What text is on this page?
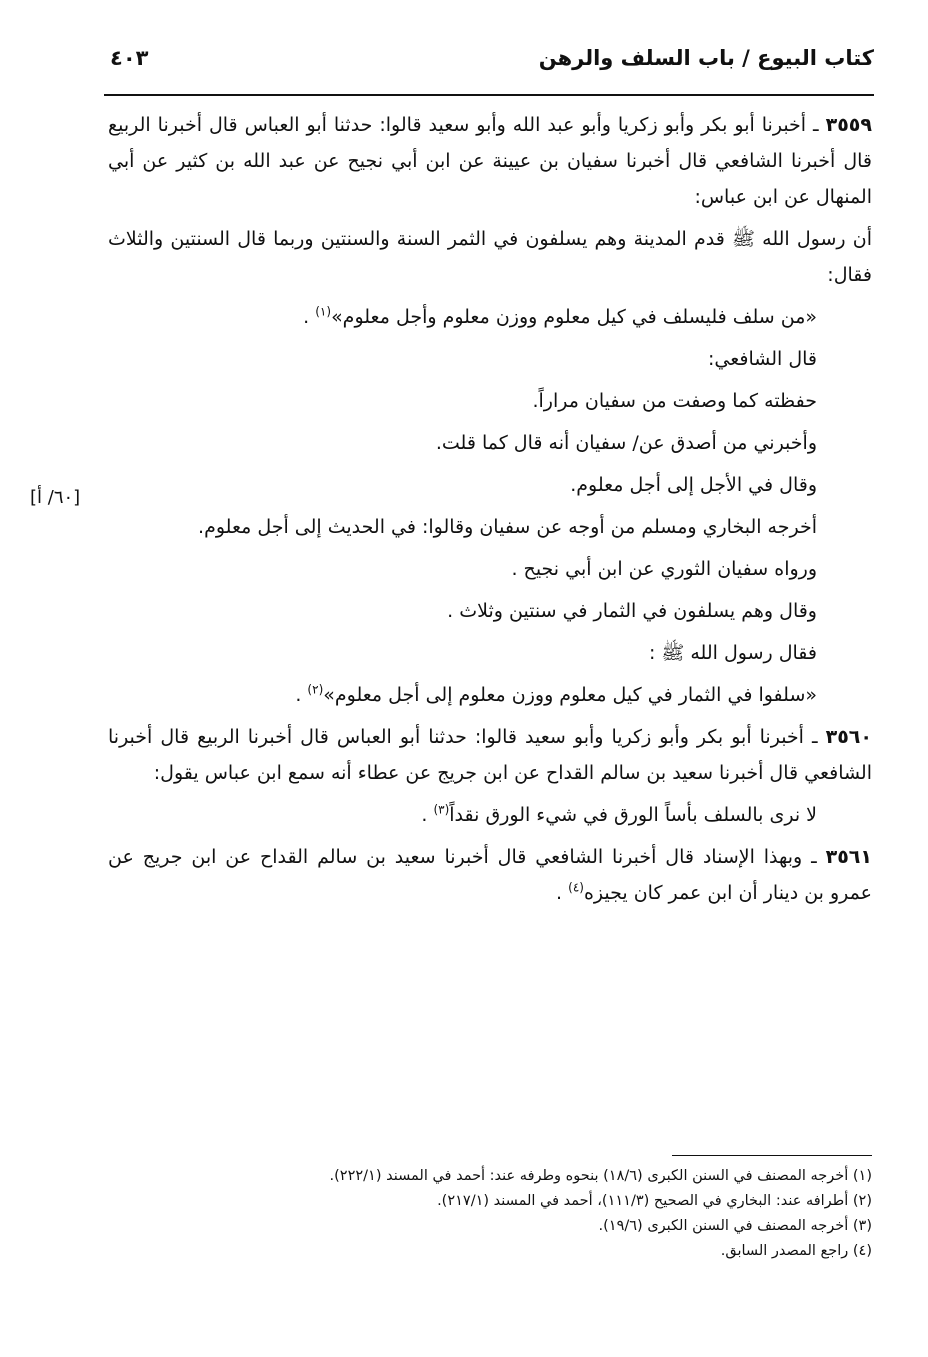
كتاب البيوع / باب السلف والرهن
٤٠٣
[٦٠/ أ]

٣٥٥٩ ـ أخبرنا أبو بكر وأبو زكريا وأبو عبد الله وأبو سعيد قالوا: حدثنا أبو العباس قال أخبرنا الربيع قال أخبرنا الشافعي قال أخبرنا سفيان بن عيينة عن ابن أبي نجيح عن عبد الله بن كثير عن أبي المنهال عن ابن عباس:

أن رسول الله ﷺ قدم المدينة وهم يسلفون في الثمر السنة والسنتين وربما قال السنتين والثلاث فقال:

«من سلف فليسلف في كيل معلوم ووزن معلوم وأجل معلوم»$^{(١)}$ .

قال الشافعي:

حفظته كما وصفت من سفيان مراراً.

وأخبرني من أصدق عن/ سفيان أنه قال كما قلت.

وقال في الأجل إلى أجل معلوم.

أخرجه البخاري ومسلم من أوجه عن سفيان وقالوا: في الحديث إلى أجل معلوم.

ورواه سفيان الثوري عن ابن أبي نجيح .

وقال وهم يسلفون في الثمار في سنتين وثلاث .

فقال رسول الله ﷺ :

«سلفوا في الثمار في كيل معلوم ووزن معلوم إلى أجل معلوم»$^{(٢)}$ .

٣٥٦٠ ـ أخبرنا أبو بكر وأبو زكريا وأبو سعيد قالوا: حدثنا أبو العباس قال أخبرنا الربيع قال أخبرنا الشافعي قال أخبرنا سعيد بن سالم القداح عن ابن جريج عن عطاء أنه سمع ابن عباس يقول:

لا نرى بالسلف بأساً الورق في شيء الورق نقداً$^{(٣)}$ .

٣٥٦١ ـ وبهذا الإسناد قال أخبرنا الشافعي قال أخبرنا سعيد بن سالم القداح عن ابن جريج عن عمرو بن دينار أن ابن عمر كان يجيزه$^{(٤)}$ .

(١) أخرجه المصنف في السنن الكبرى (١٨/٦) بنحوه وطرفه عند: أحمد في المسند (٢٢٢/١).

(٢) أطرافه عند: البخاري في الصحيح (١١١/٣)، أحمد في المسند (٢١٧/١).

(٣) أخرجه المصنف في السنن الكبرى (١٩/٦).

(٤) راجع المصدر السابق.
